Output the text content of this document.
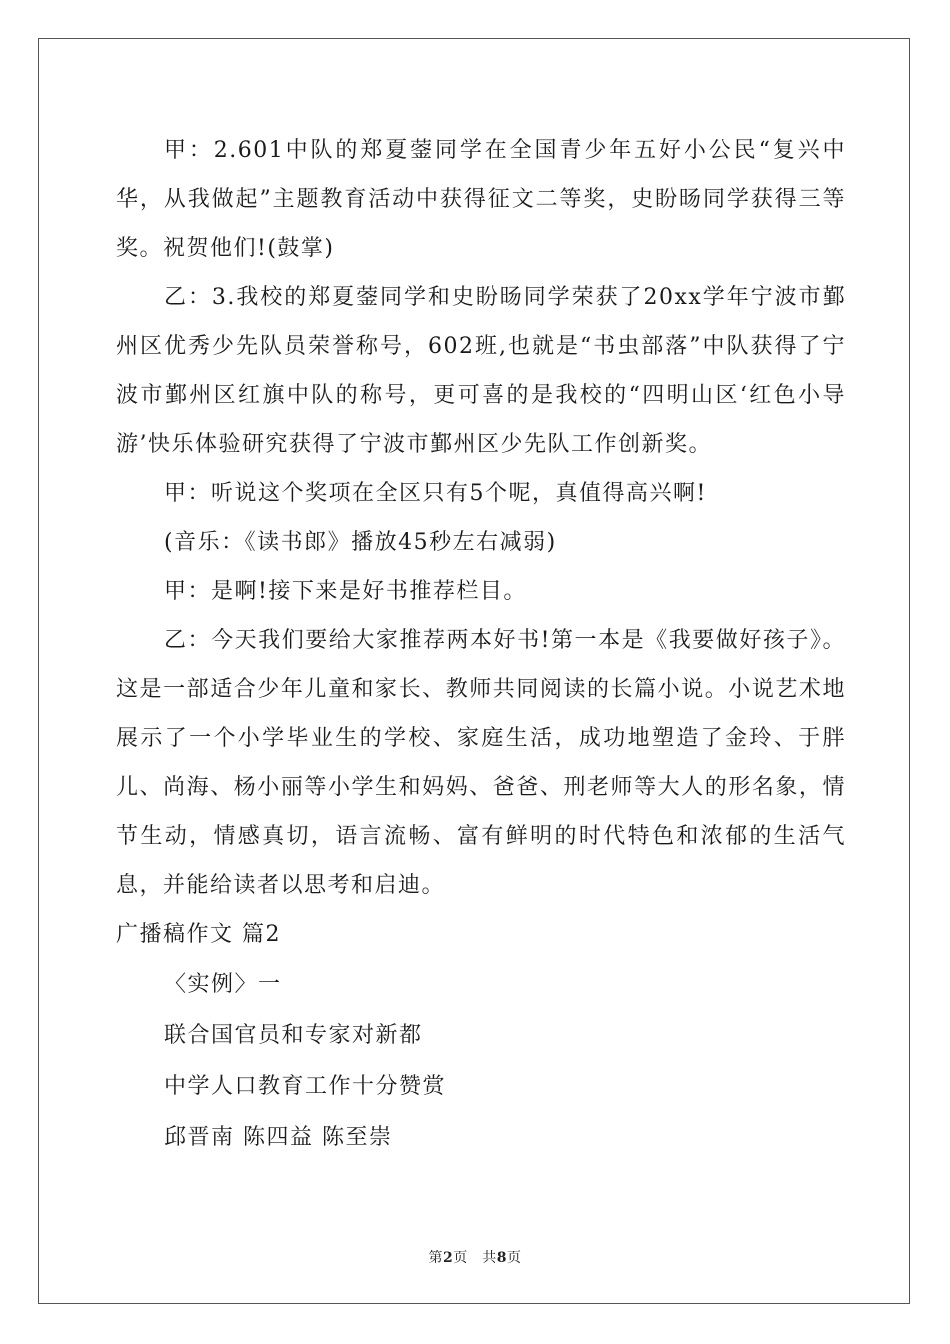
甲：2.601中队的郑夏蓥同学在全国青少年五好小公民“复兴中华，从我做起”主题教育活动中获得征文二等奖，史盼旸同学获得三等奖。祝贺他们!(鼓掌)

乙：3.我校的郑夏蓥同学和史盼旸同学荣获了20xx学年宁波市鄞州区优秀少先队员荣誉称号，602班,也就是“书虫部落”中队获得了宁波市鄞州区红旗中队的称号，更可喜的是我校的“四明山区‘红色小导游’快乐体验研究获得了宁波市鄞州区少先队工作创新奖。

甲：听说这个奖项在全区只有5个呢，真值得高兴啊!

(音乐：《读书郎》播放45秒左右减弱)

甲：是啊!接下来是好书推荐栏目。

乙：今天我们要给大家推荐两本好书!第一本是《我要做好孩子》。这是一部适合少年儿童和家长、教师共同阅读的长篇小说。小说艺术地展示了一个小学毕业生的学校、家庭生活，成功地塑造了金玲、于胖儿、尚海、杨小丽等小学生和妈妈、爸爸、刑老师等大人的形名象，情节生动，情感真切，语言流畅、富有鲜明的时代特色和浓郁的生活气息，并能给读者以思考和启迪。

广播稿作文 篇2

〈实例〉一

联合国官员和专家对新都

中学人口教育工作十分赞赏

邱晋南 陈四益 陈至崇

第2页　共8页
